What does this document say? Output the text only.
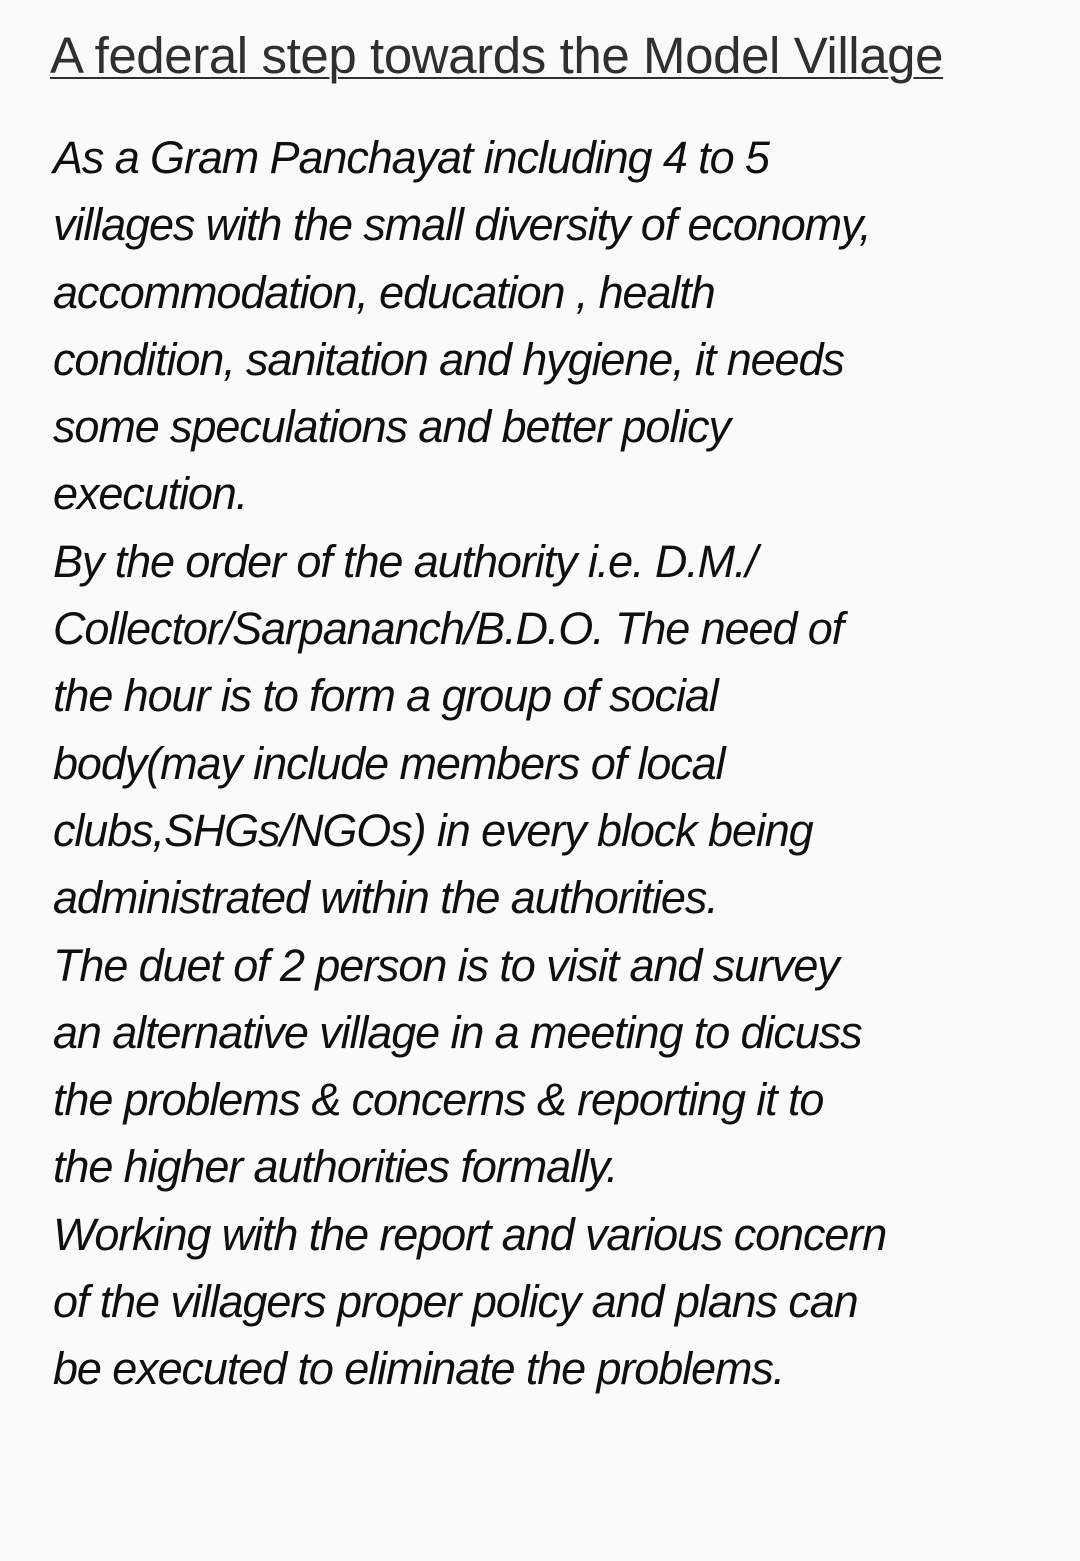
A federal step towards the Model Village
As a Gram Panchayat including 4 to 5
villages with the small diversity of economy,
accommodation, education , health
condition, sanitation and hygiene, it needs
some speculations and better policy
execution.
By the order of the authority i.e. D.M./
Collector/Sarpananch/B.D.O. The need of
the hour is to form a group of social
body(may include members of local
clubs,SHGs/NGOs) in every block being
administrated within the authorities.
The duet of 2 person is to visit and survey
an alternative village in a meeting to dicuss
the problems & concerns & reporting it to
the higher authorities formally.
Working with the report and various concern
of the villagers proper policy and plans can
be executed to eliminate the problems.
